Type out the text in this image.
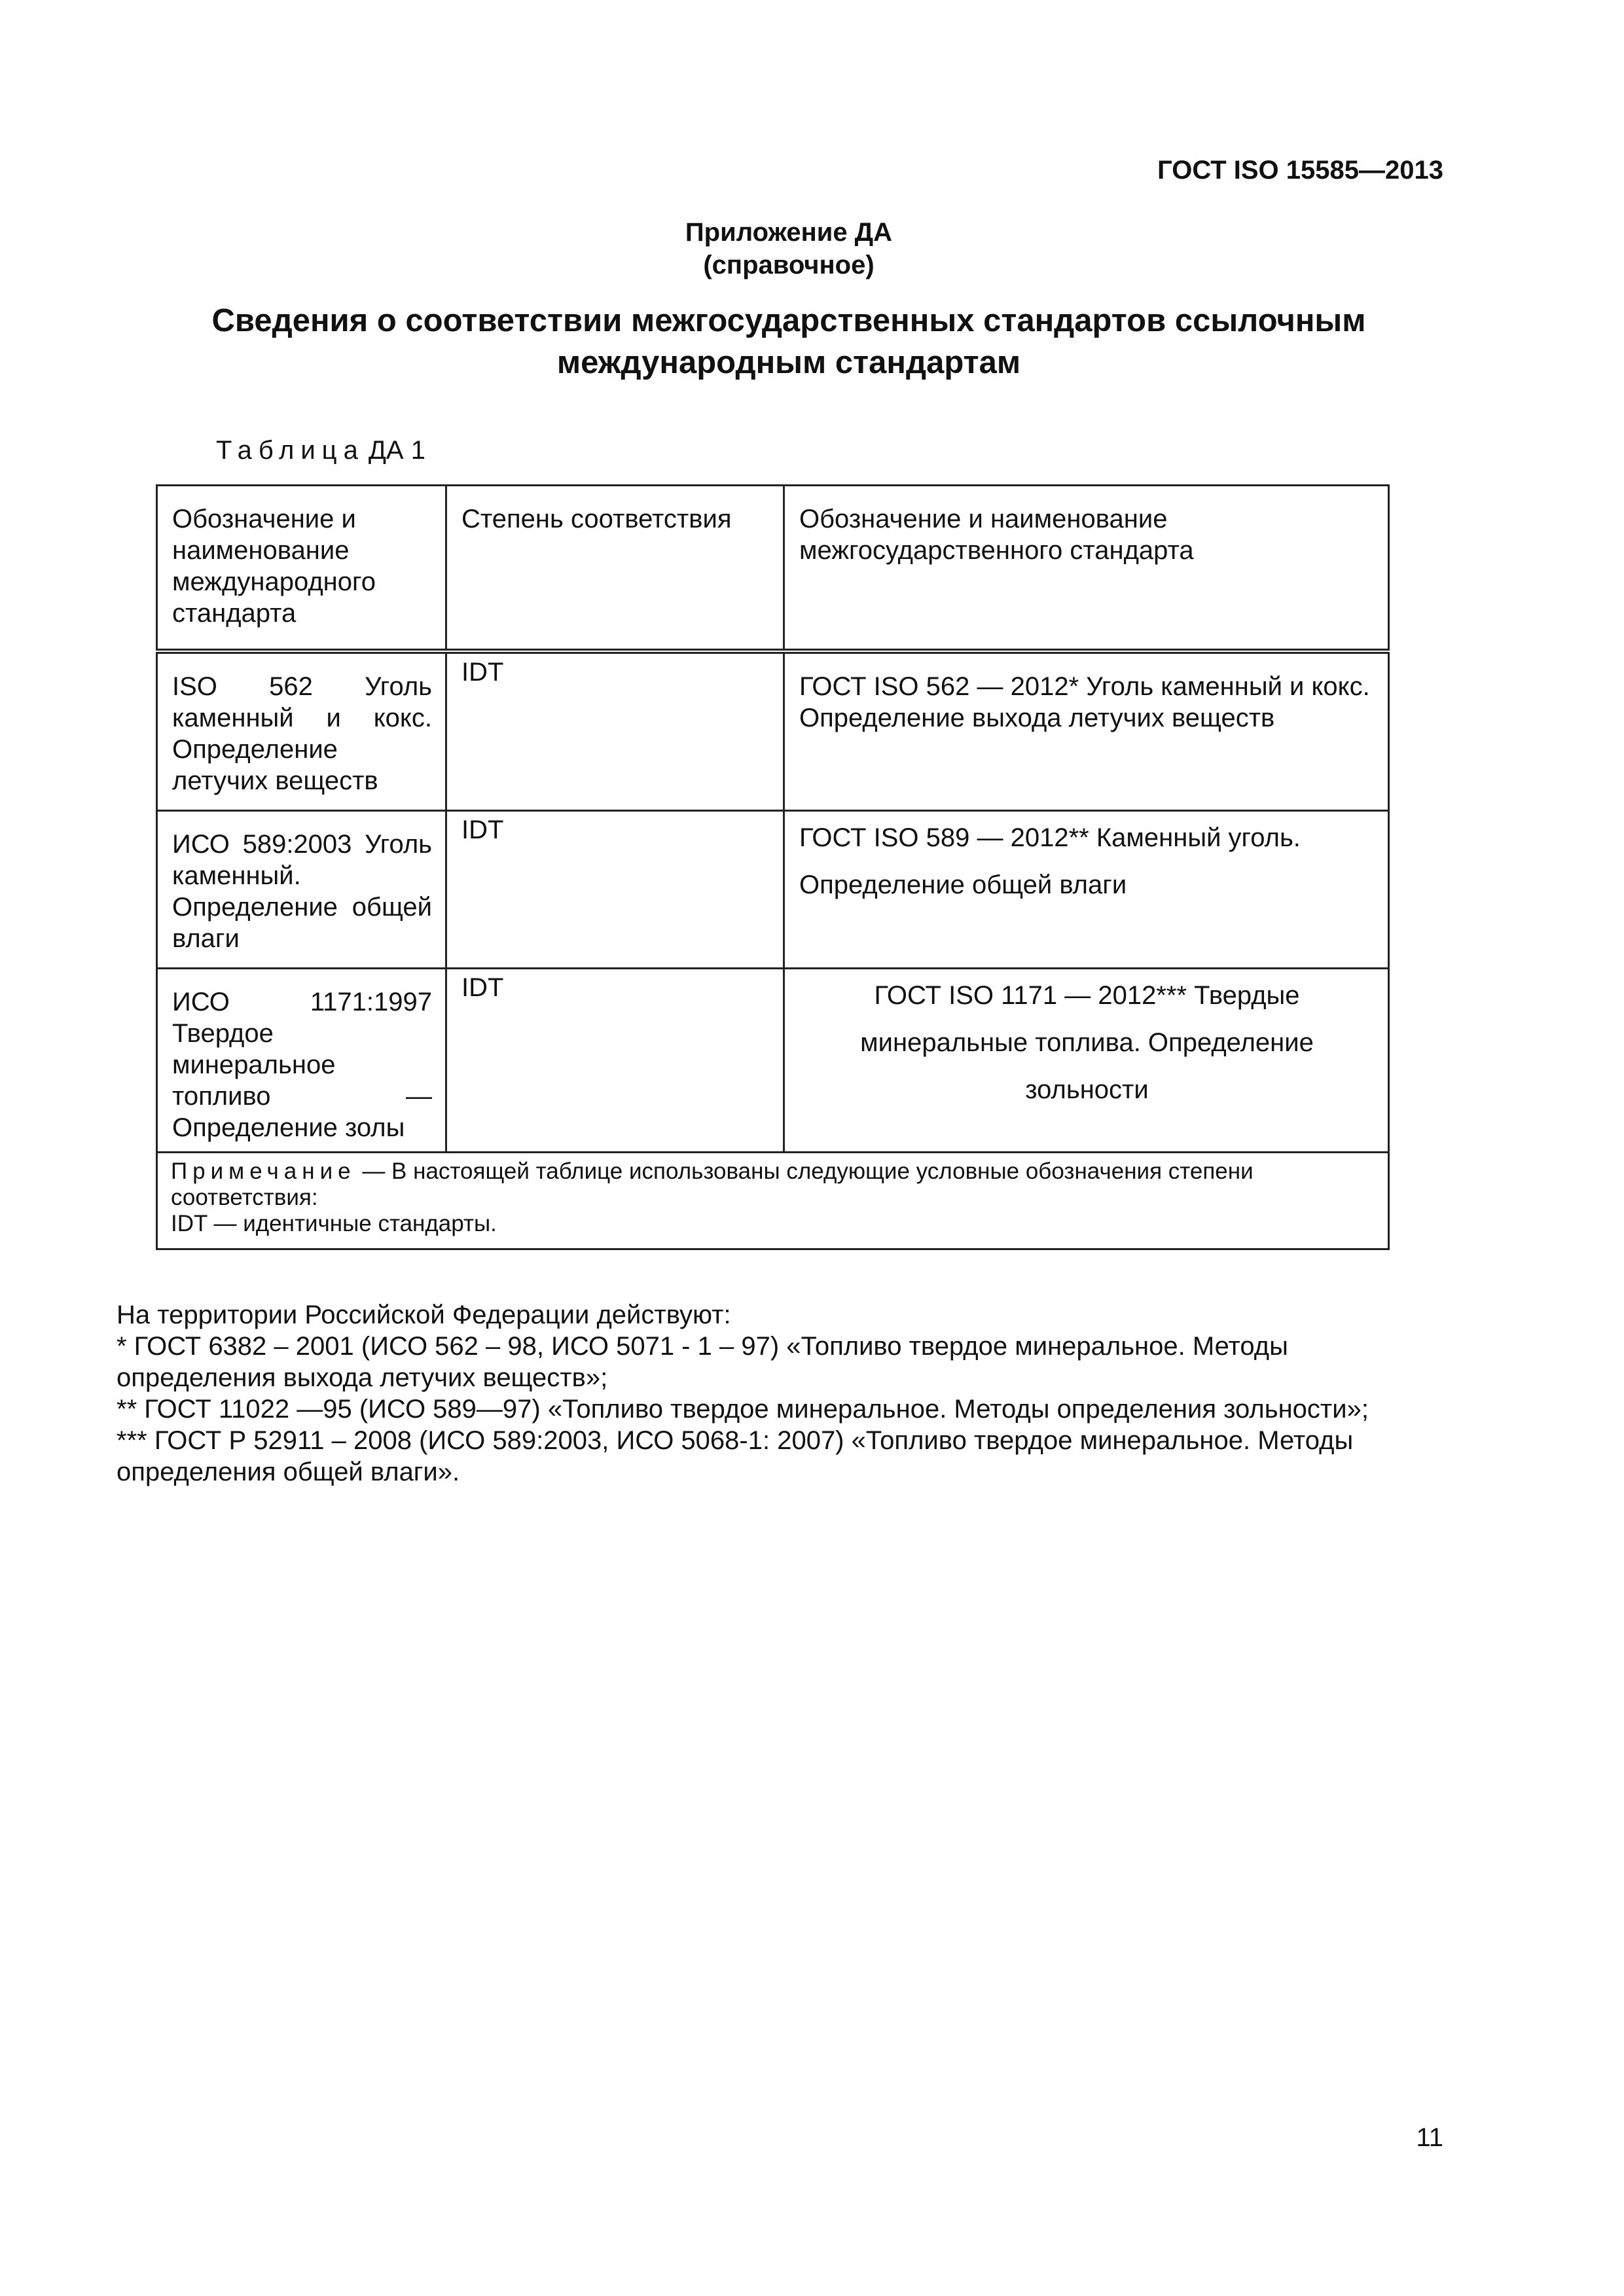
ГОСТ ISO 15585—2013
Приложение ДА
(справочное)
Сведения о соответствии межгосударственных стандартов ссылочным
международным стандартам
Таблица ДА 1
Обозначение и наименование международного стандарта	Степень соответствия	Обозначение и наименование межгосударственного стандарта
ISO 562 Уголь каменный и кокс. Определение летучих веществ	IDT	ГОСТ ISO 562 — 2012* Уголь каменный и кокс. Определение выхода летучих веществ
ИСО 589:2003 Уголь каменный. Определение общей влаги	IDT	ГОСТ ISO 589 — 2012** Каменный уголь.
Определение общей влаги

ИСО 1171:1997 Твердое минеральное топливо — Определение золы	IDT	ГОСТ ISO 1171 — 2012*** Твердые
минеральные топлива. Определение зольности

Примечание — В настоящей таблице использованы следующие условные обозначения степени соответствия:
IDT — идентичные стандарты.		
На территории Российской Федерации действуют:
* ГОСТ 6382 – 2001 (ИСО 562 – 98, ИСО 5071 - 1 – 97) «Топливо твердое минеральное. Методы
определения выхода летучих веществ»;
** ГОСТ 11022 —95 (ИСО 589—97) «Топливо твердое минеральное. Методы определения зольности»;
*** ГОСТ Р 52911 – 2008 (ИСО 589:2003, ИСО 5068-1: 2007) «Топливо твердое минеральное. Методы
определения общей влаги».
11
